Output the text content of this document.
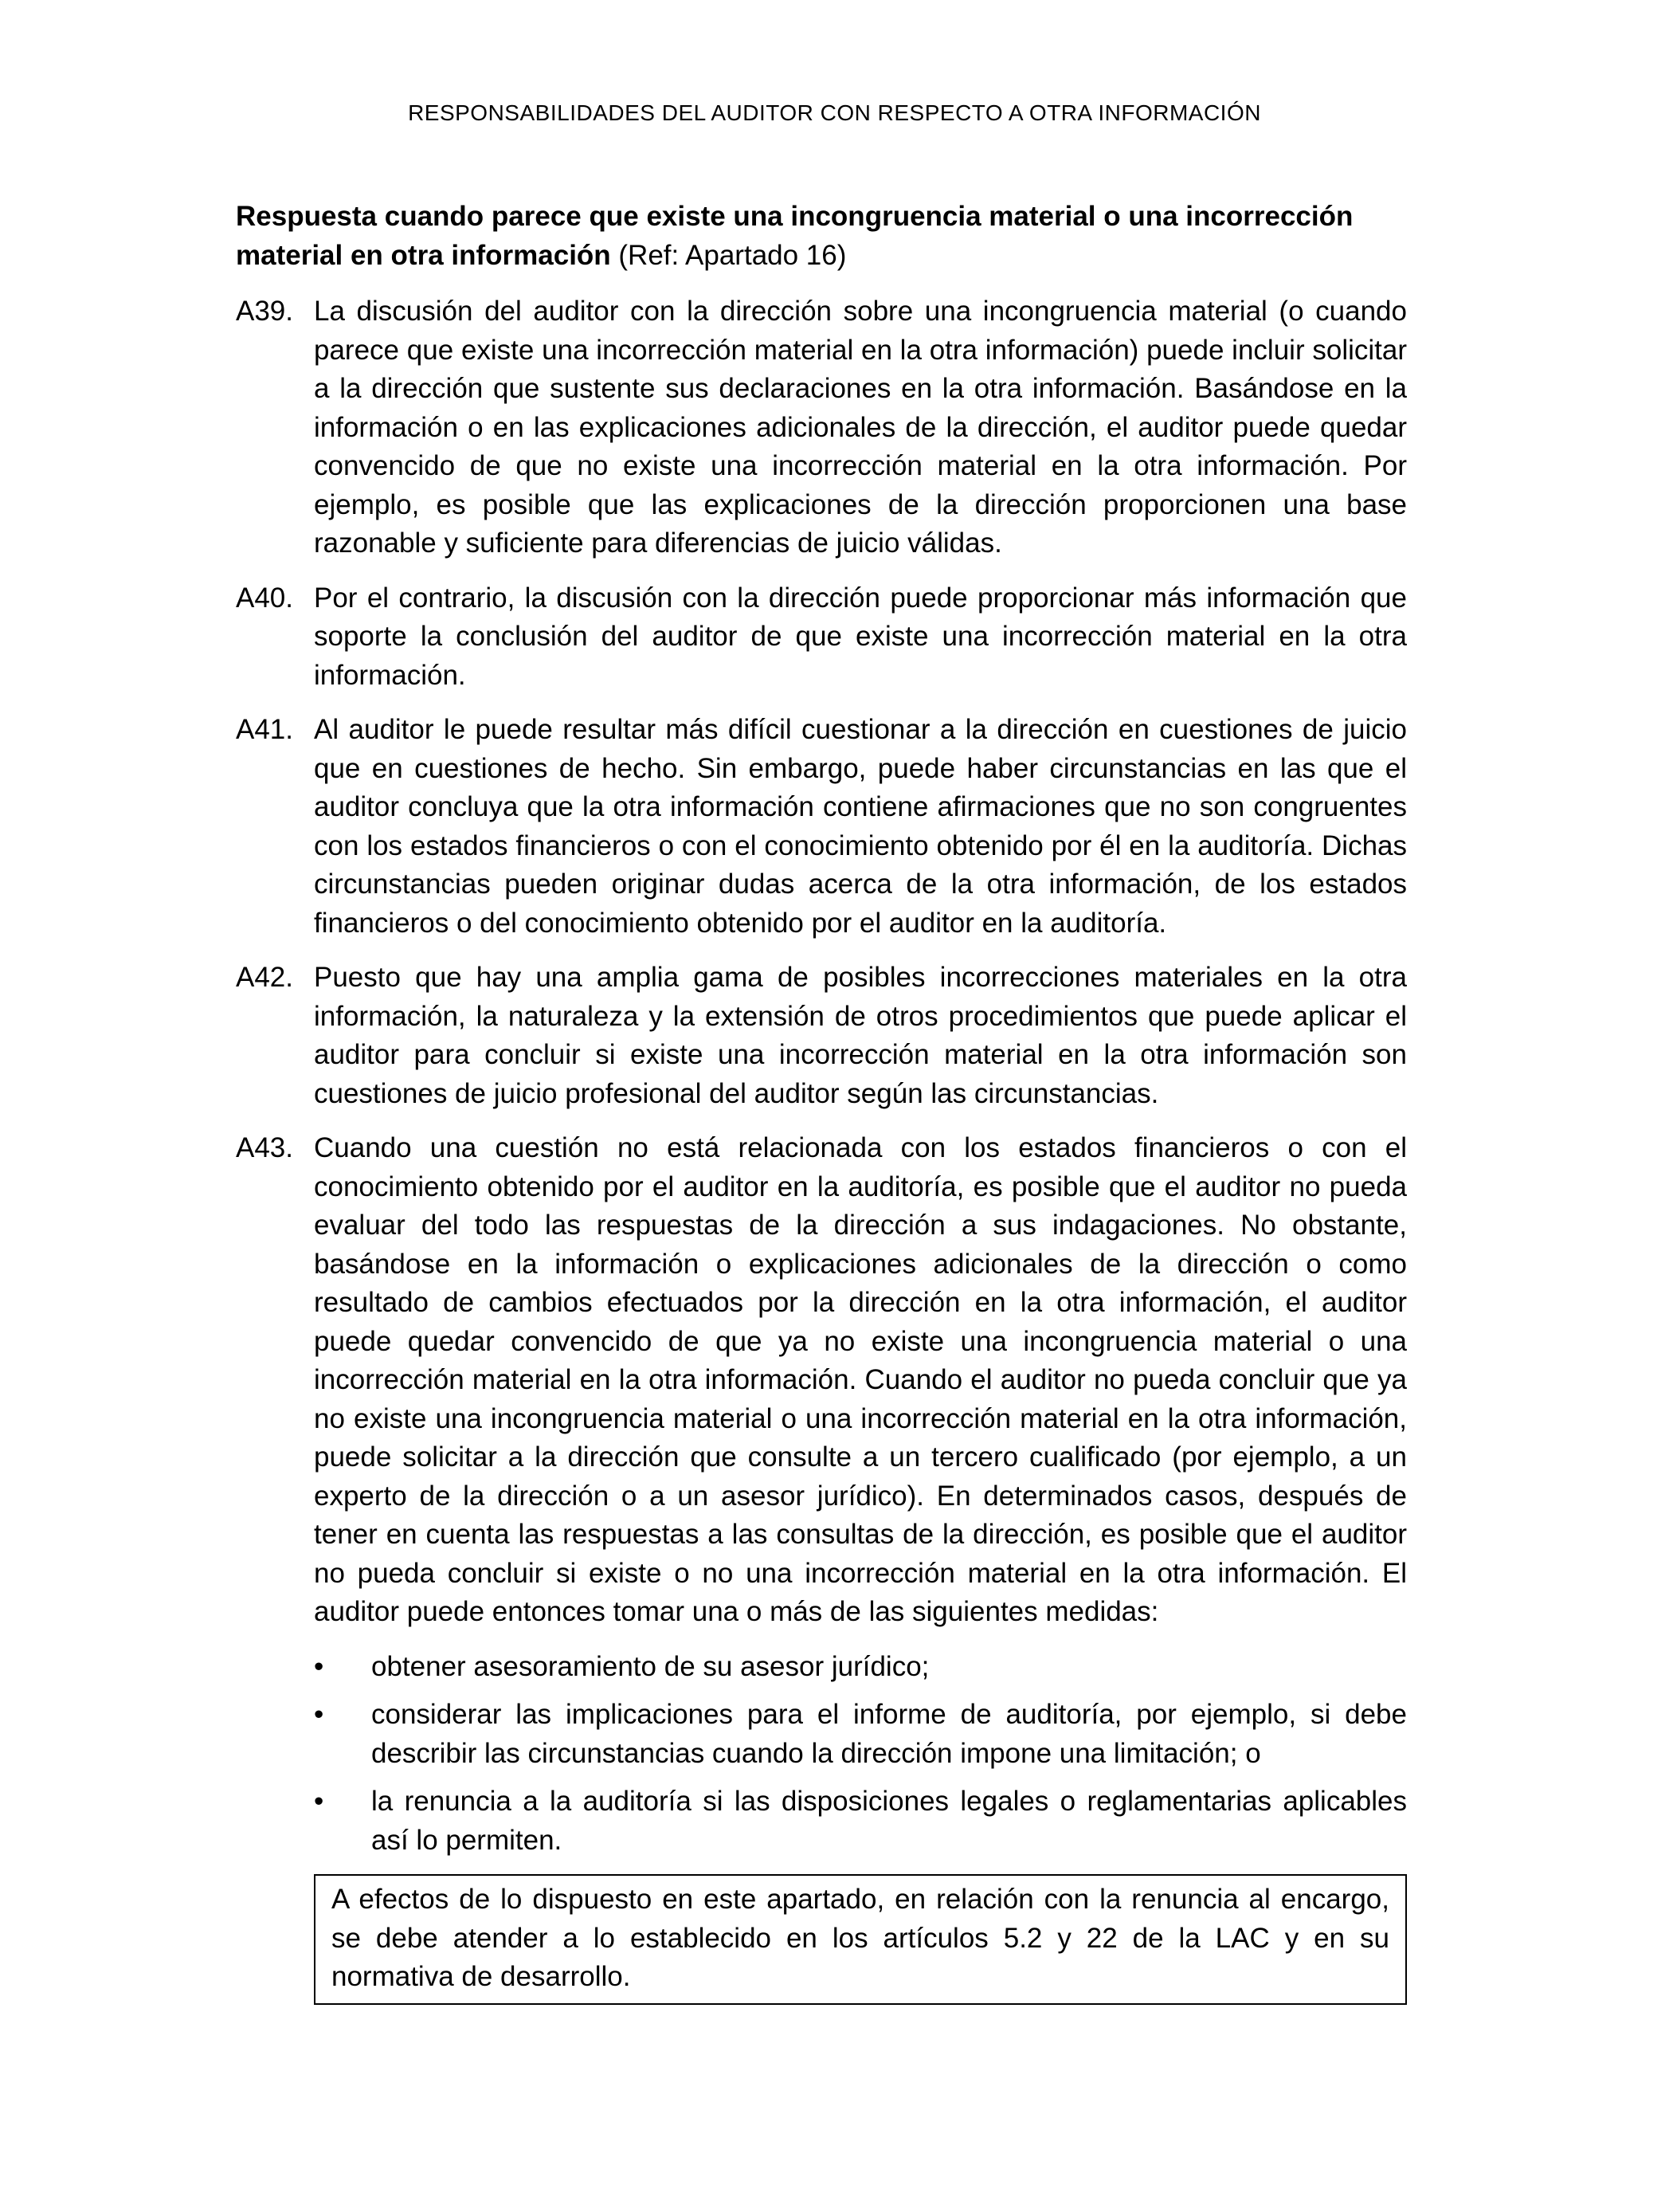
RESPONSABILIDADES DEL AUDITOR CON RESPECTO A OTRA INFORMACIÓN

Respuesta cuando parece que existe una incongruencia material o una incorrección material en otra información (Ref: Apartado 16)

A39. La discusión del auditor con la dirección sobre una incongruencia material (o cuando parece que existe una incorrección material en la otra información) puede incluir solicitar a la dirección que sustente sus declaraciones en la otra información. Basándose en la información o en las explicaciones adicionales de la dirección, el auditor puede quedar convencido de que no existe una incorrección material en la otra información. Por ejemplo, es posible que las explicaciones de la dirección proporcionen una base razonable y suficiente para diferencias de juicio válidas.
A40. Por el contrario, la discusión con la dirección puede proporcionar más información que soporte la conclusión del auditor de que existe una incorrección material en la otra información.
A41. Al auditor le puede resultar más difícil cuestionar a la dirección en cuestiones de juicio que en cuestiones de hecho. Sin embargo, puede haber circunstancias en las que el auditor concluya que la otra información contiene afirmaciones que no son congruentes con los estados financieros o con el conocimiento obtenido por él en la auditoría. Dichas circunstancias pueden originar dudas acerca de la otra información, de los estados financieros o del conocimiento obtenido por el auditor en la auditoría.
A42. Puesto que hay una amplia gama de posibles incorrecciones materiales en la otra información, la naturaleza y la extensión de otros procedimientos que puede aplicar el auditor para concluir si existe una incorrección material en la otra información son cuestiones de juicio profesional del auditor según las circunstancias.
A43. Cuando una cuestión no está relacionada con los estados financieros o con el conocimiento obtenido por el auditor en la auditoría, es posible que el auditor no pueda evaluar del todo las respuestas de la dirección a sus indagaciones. No obstante, basándose en la información o explicaciones adicionales de la dirección o como resultado de cambios efectuados por la dirección en la otra información, el auditor puede quedar convencido de que ya no existe una incongruencia material o una incorrección material en la otra información. Cuando el auditor no pueda concluir que ya no existe una incongruencia material o una incorrección material en la otra información, puede solicitar a la dirección que consulte a un tercero cualificado (por ejemplo, a un experto de la dirección o a un asesor jurídico). En determinados casos, después de tener en cuenta las respuestas a las consultas de la dirección, es posible que el auditor no pueda concluir si existe o no una incorrección material en la otra información. El auditor puede entonces tomar una o más de las siguientes medidas:
•	obtener asesoramiento de su asesor jurídico;
•	considerar las implicaciones para el informe de auditoría, por ejemplo, si debe describir las circunstancias cuando la dirección impone una limitación; o
•	la renuncia a la auditoría si las disposiciones legales o reglamentarias aplicables así lo permiten.
A efectos de lo dispuesto en este apartado, en relación con la renuncia al encargo, se debe atender a lo establecido en los artículos 5.2 y 22 de la LAC y en su normativa de desarrollo.
